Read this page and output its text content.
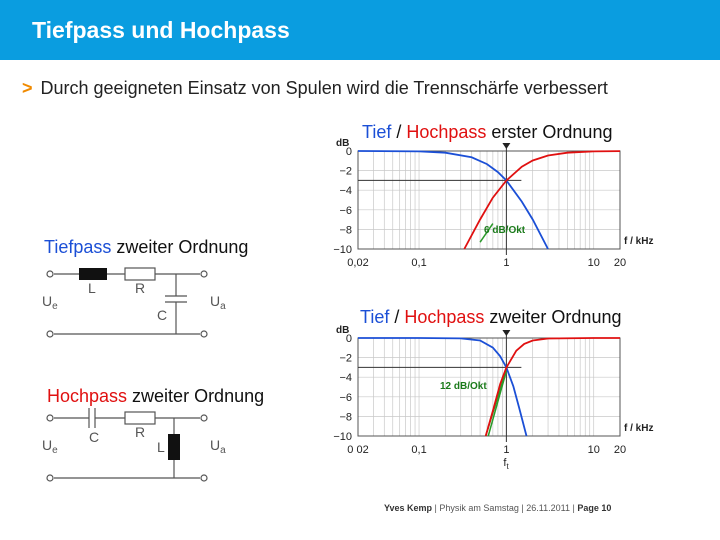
Tiefpass und Hochpass
> Durch geeigneten Einsatz von Spulen wird die Trennschärfe verbessert
Tief / Hochpass erster Ordnung
Tief / Hochpass zweiter Ordnung
Tiefpass zweiter Ordnung
Hochpass zweiter Ordnung
L	R
C
$U_e$	$U_a$
C	R
L
$U_e$	$U_a$
0
−2
−4
−6
−8
−10
0,02	0,1	1	10 20
dB
f / kHz
6 dB/Okt
0
−2
−4
−6
−8
−10
0 02	0,1	1	10 20
dB
f / kHz
12 dB/Okt
$f_t$
Yves Kemp | Physik am Samstag | 26.11.2011 | Page 10
